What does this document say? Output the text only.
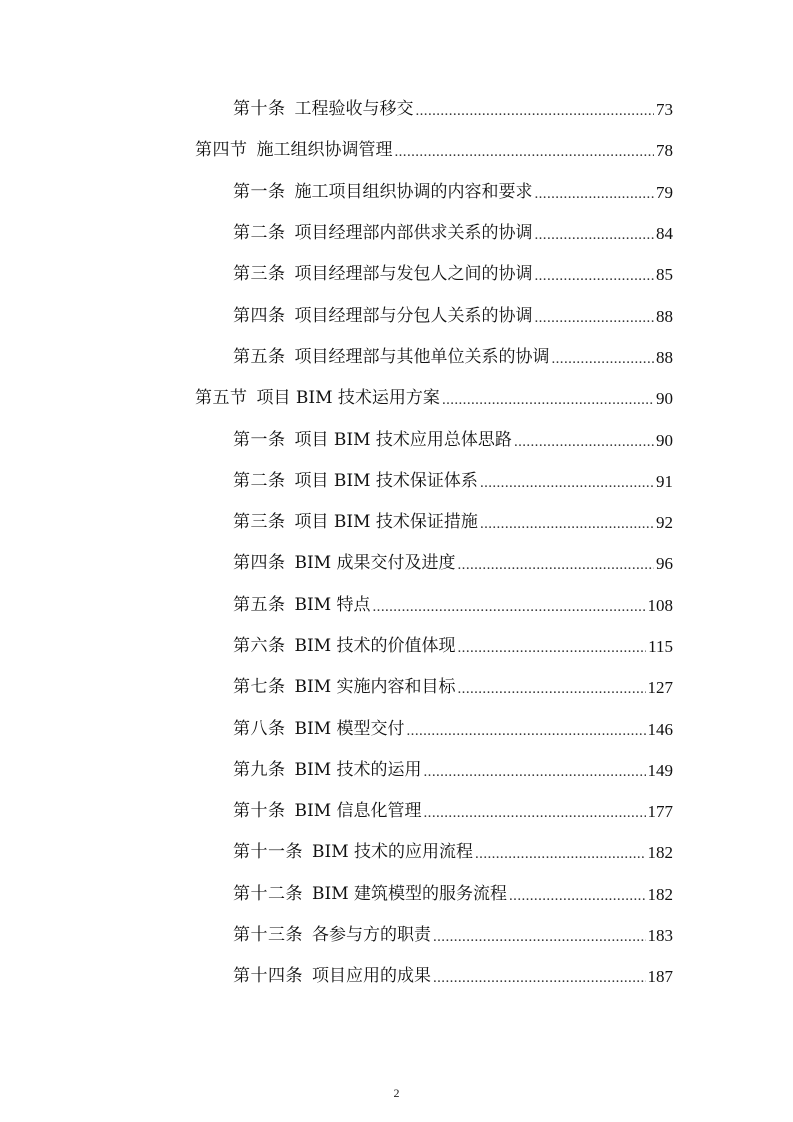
第十条 工程验收与移交 .....	73
第四节 施工组织协调管理 .....	78
第一条 施工项目组织协调的内容和要求 .....	79
第二条 项目经理部内部供求关系的协调 .....	84
第三条 项目经理部与发包人之间的协调 .....	85
第四条 项目经理部与分包人关系的协调 .....	88
第五条 项目经理部与其他单位关系的协调 .....	88
第五节 项目 BIM 技术运用方案 .....	90
第一条 项目 BIM 技术应用总体思路 .....	90
第二条 项目 BIM 技术保证体系 .....	91
第三条 项目 BIM 技术保证措施 .....	92
第四条 BIM 成果交付及进度 .....	96
第五条 BIM 特点 .....	108
第六条 BIM 技术的价值体现 .....	115
第七条 BIM 实施内容和目标 .....	127
第八条 BIM 模型交付 .....	146
第九条 BIM 技术的运用 .....	149
第十条 BIM 信息化管理 .....	177
第十一条 BIM 技术的应用流程 .....	182
第十二条 BIM 建筑模型的服务流程 .....	182
第十三条 各参与方的职责 .....	183
第十四条 项目应用的成果 .....	187
2
